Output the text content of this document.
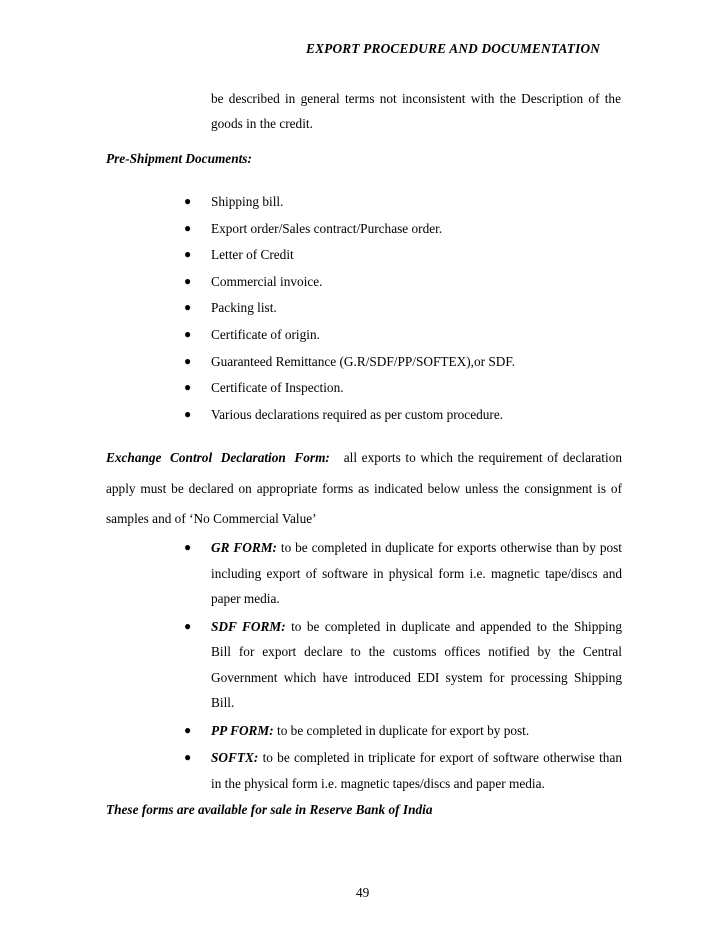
EXPORT PROCEDURE AND DOCUMENTATION

be described in general terms not inconsistent with the Description of the goods in the credit.

Pre-Shipment Documents:
● Shipping bill.
● Export order/Sales contract/Purchase order.
● Letter of Credit
● Commercial invoice.
● Packing list.
● Certificate of origin.
● Guaranteed Remittance (G.R/SDF/PP/SOFTEX),or SDF.
● Certificate of Inspection.
● Various declarations required as per custom procedure.
Exchange Control Declaration Form: all exports to which the requirement of declaration apply must be declared on appropriate forms as indicated below unless the consignment is of samples and of ‘No Commercial Value’
● GR FORM: to be completed in duplicate for exports otherwise than by post including export of software in physical form i.e. magnetic tape/discs and paper media.
● SDF FORM: to be completed in duplicate and appended to the Shipping Bill for export declare to the customs offices notified by the Central Government which have introduced EDI system for processing Shipping Bill.
● PP FORM: to be completed in duplicate for export by post.
● SOFTX: to be completed in triplicate for export of software otherwise than in the physical form i.e. magnetic tapes/discs and paper media.
These forms are available for sale in Reserve Bank of India
49
